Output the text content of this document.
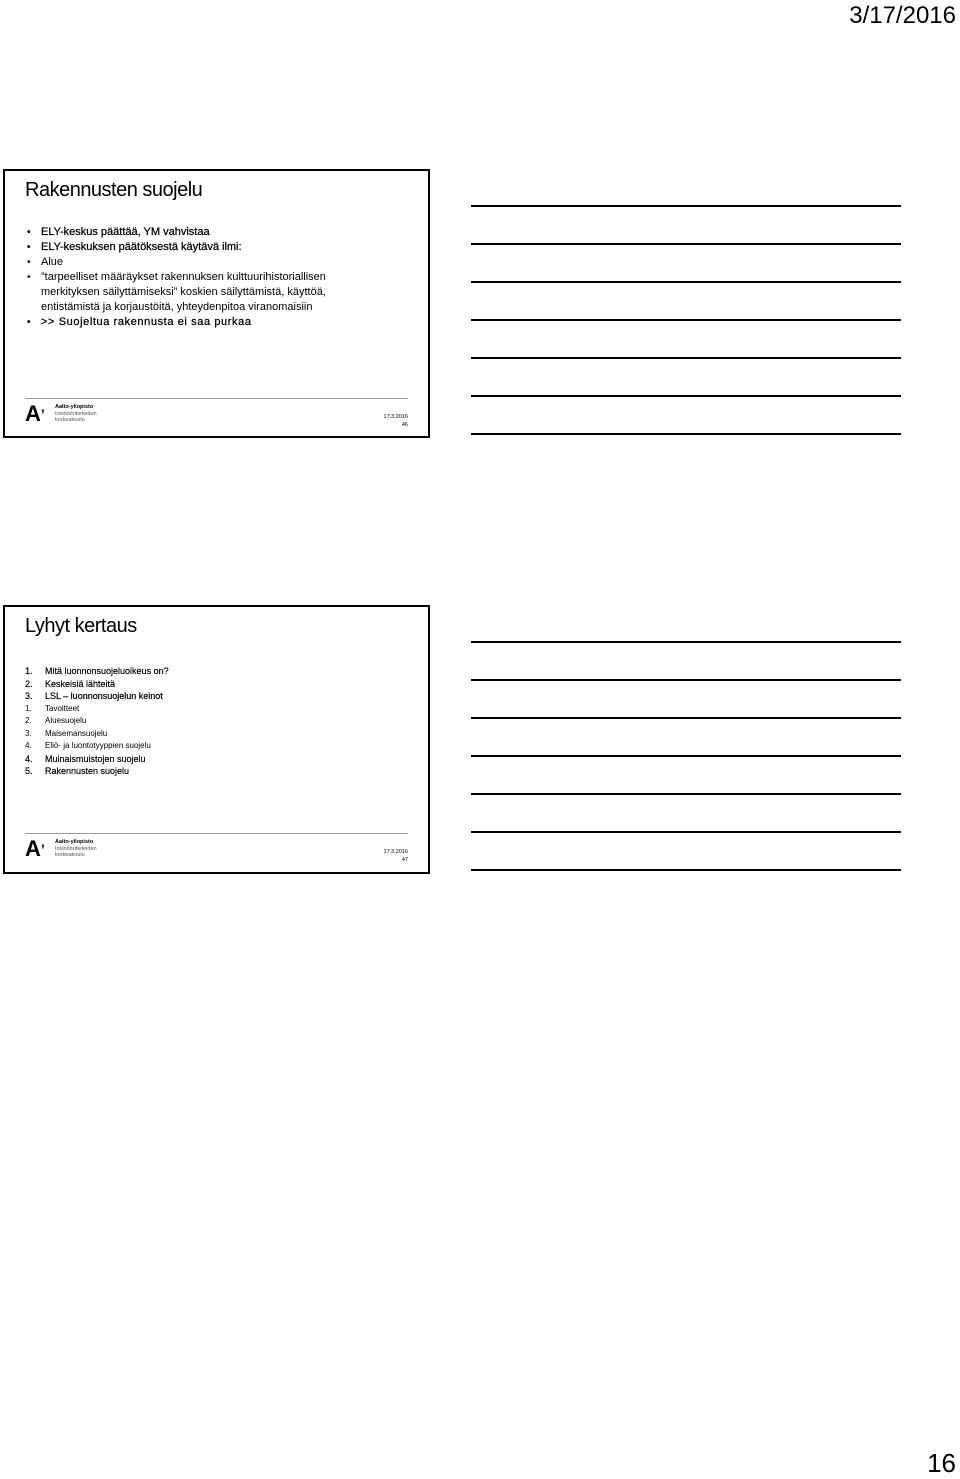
3/17/2016
Rakennusten suojelu
• ELY-keskus päättää, YM vahvistaa
• ELY-keskuksen päätöksestä käytävä ilmi:
• Alue
• ”tarpeelliset määräykset rakennuksen kulttuurihistoriallisen
merkityksen säilyttämiseksi” koskien säilyttämistä, käyttöä,
entistämistä ja korjaustöitä, yhteydenpitoa viranomaisiin
• >> Suojeltua rakennusta ei saa purkaa
A’	Aalto-yliopisto
Insinööritieteiden
korkeakoulu
17.3.2016
46
Lyhyt kertaus
1.	Mitä luonnonsuojeluoikeus on?
2.	Keskeisiä lähteitä
3.	LSL – luonnonsuojelun keinot
1.	Tavoitteet
2.	Aluesuojelu
3.	Maisemansuojelu
4.	Eliö- ja luontotyyppien suojelu
4.	Muinaismuistojen suojelu
5.	Rakennusten suojelu
A’	Aalto-yliopisto
Insinööritieteiden
korkeakoulu
17.3.2016
47
16
